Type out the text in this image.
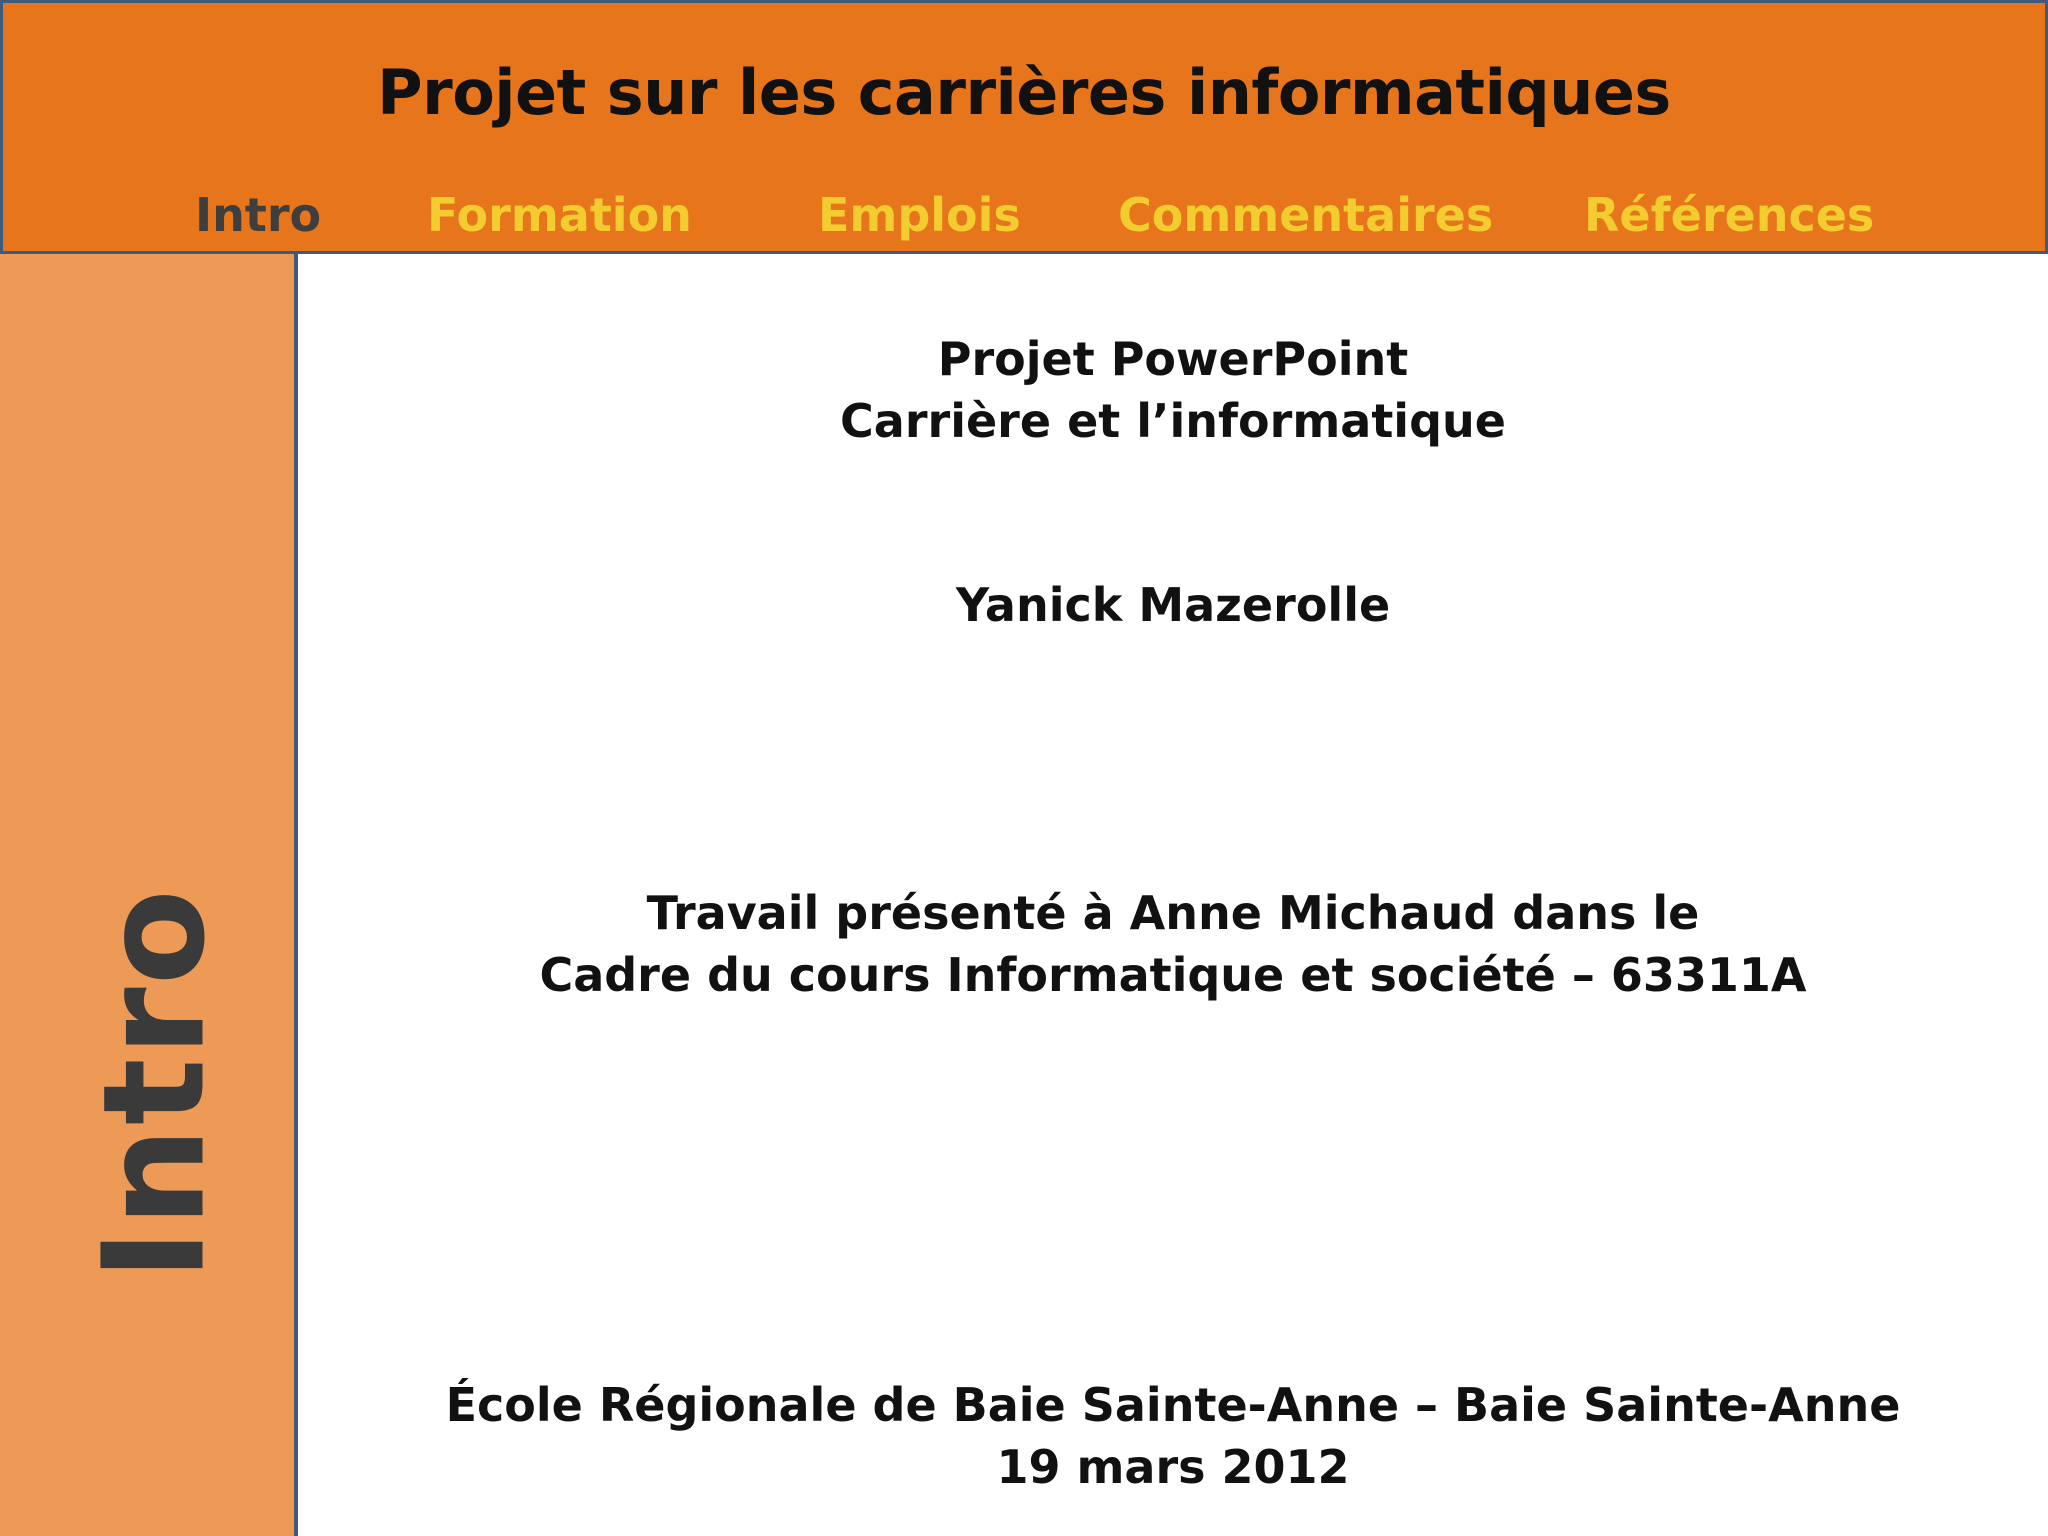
Projet sur les carrières informatiques
Intro Formation	Emplois Commentaires Références
Intro
Projet PowerPoint
Carrière et l’informatique
Yanick Mazerolle
Travail présenté à Anne Michaud dans le
Cadre du cours Informatique et société – 63311A
École Régionale de Baie Sainte-Anne – Baie Sainte-Anne
19 mars 2012
